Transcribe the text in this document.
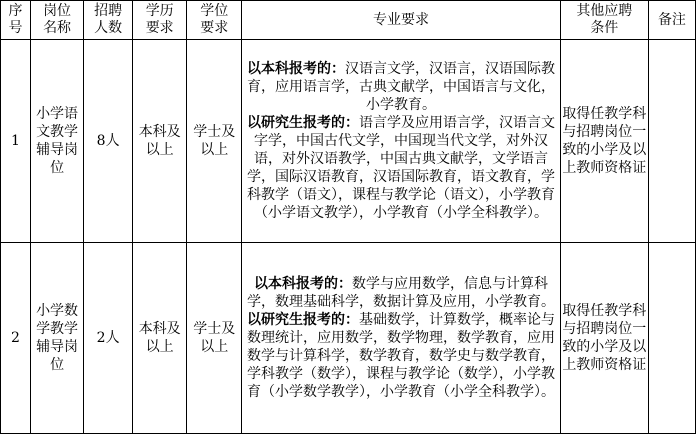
序号	岗位名称	招聘人数	学历要求	学位要求	专业要求	其他应聘条件	备注
1	小学语文教学辅导岗位	8人	本科及以上	学士及以上	以本科报考的：汉语言文学，汉语言，汉语国际教育，应用语言学，古典文献学，中国语言与文化，小学教育。

以研究生报考的：语言学及应用语言学，汉语言文字学，中国古代文学，中国现当代文学，对外汉语，对外汉语教学，中国古典文献学，文学语言学，国际汉语教育，汉语国际教育，语文教育，学科教学（语文），课程与教学论（语文），小学教育（小学语文教学），小学教育（小学全科教学）。	取得任教学科与招聘岗位一致的小学及以上教师资格证	
2	小学数学教学辅导岗位	2人	本科及以上	学士及以上	以本科报考的：数学与应用数学，信息与计算科学，数理基础科学，数据计算及应用，小学教育。

以研究生报考的：基础数学，计算数学，概率论与数理统计，应用数学，数学物理，数学教育，应用数学与计算科学，数学教育，数学史与数学教育，学科教学（数学），课程与教学论（数学），小学教育（小学数学教学），小学教育（小学全科教学）。	取得任教学科与招聘岗位一致的小学及以上教师资格证	
